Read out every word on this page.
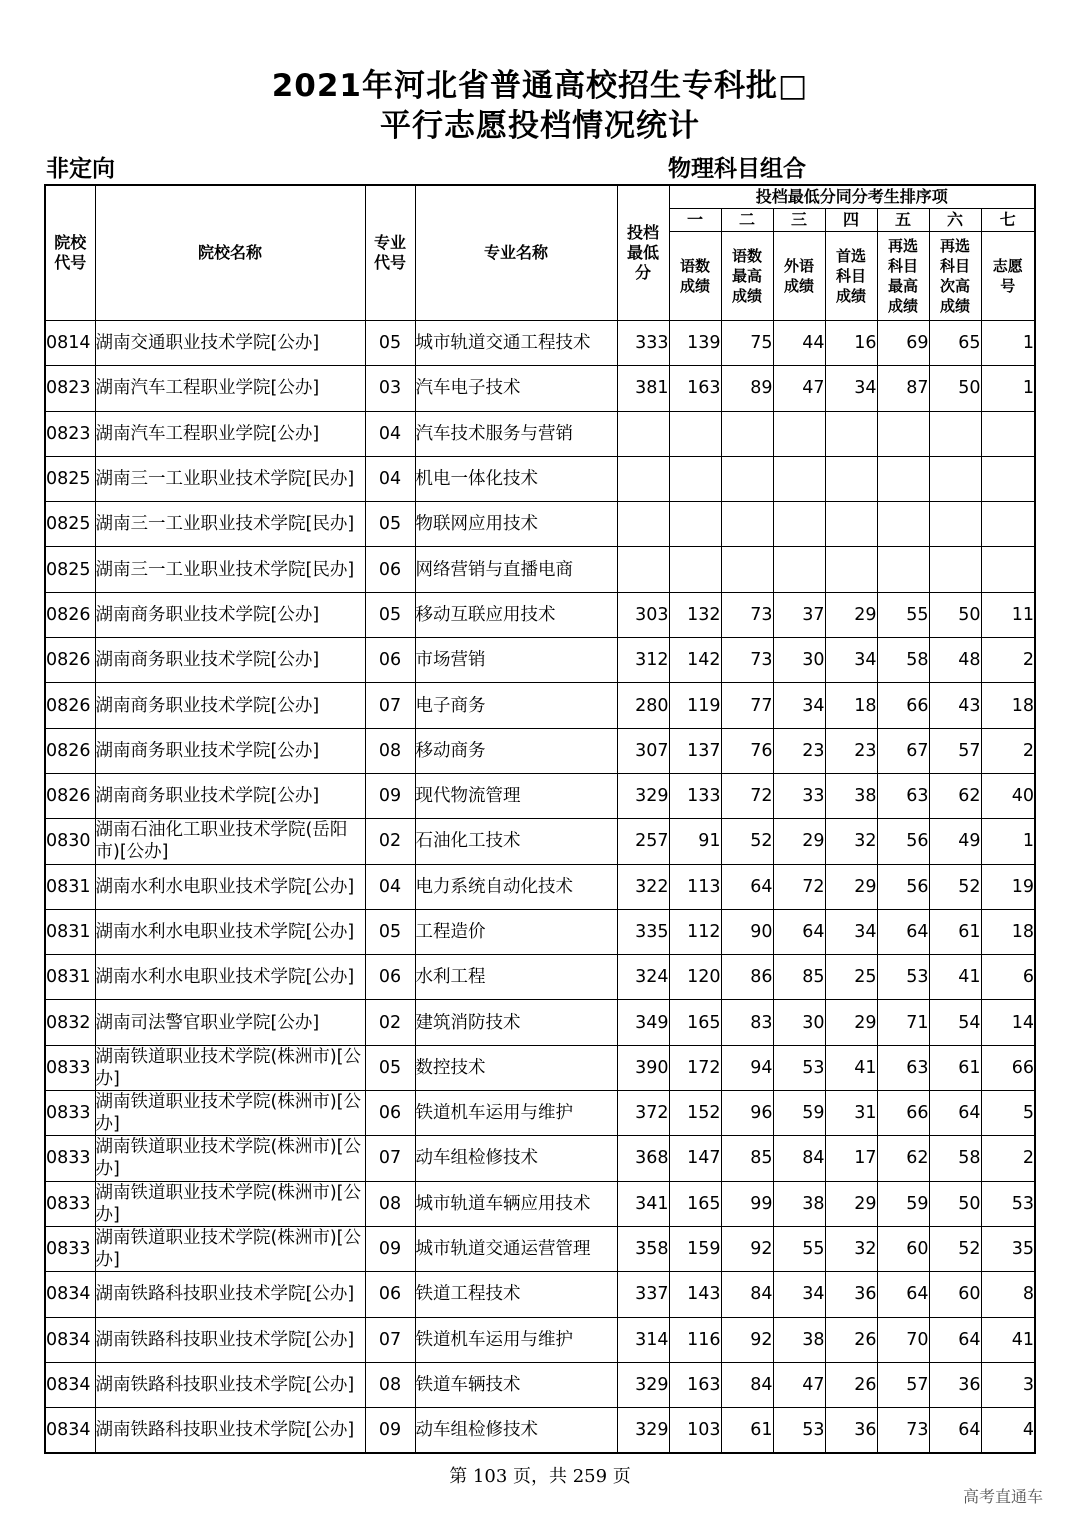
2021年河北省普通高校招生专科批□
平行志愿投档情况统计
非定向	物理科目组合
院校代号	院校名称	专业代号	专业名称	投档最低分	投档最低分同分考生排序项						
					一	二	三	四	五	六	七
					语数成绩	语数最高成绩	外语成绩	首选科目成绩	再选科目最高成绩	再选科目次高成绩	志愿号
0814	湖南交通职业技术学院[公办]	05	城市轨道交通工程技术	333	139	75	44	16	69	65	1
0823	湖南汽车工程职业学院[公办]	03	汽车电子技术	381	163	89	47	34	87	50	1
0823	湖南汽车工程职业学院[公办]	04	汽车技术服务与营销								
0825	湖南三一工业职业技术学院[民办]	04	机电一体化技术								
0825	湖南三一工业职业技术学院[民办]	05	物联网应用技术								
0825	湖南三一工业职业技术学院[民办]	06	网络营销与直播电商								
0826	湖南商务职业技术学院[公办]	05	移动互联应用技术	303	132	73	37	29	55	50	11
0826	湖南商务职业技术学院[公办]	06	市场营销	312	142	73	30	34	58	48	2
0826	湖南商务职业技术学院[公办]	07	电子商务	280	119	77	34	18	66	43	18
0826	湖南商务职业技术学院[公办]	08	移动商务	307	137	76	23	23	67	57	2
0826	湖南商务职业技术学院[公办]	09	现代物流管理	329	133	72	33	38	63	62	40
0830	湖南石油化工职业技术学院(岳阳市)[公办]	02	石油化工技术	257	91	52	29	32	56	49	1
0831	湖南水利水电职业技术学院[公办]	04	电力系统自动化技术	322	113	64	72	29	56	52	19
0831	湖南水利水电职业技术学院[公办]	05	工程造价	335	112	90	64	34	64	61	18
0831	湖南水利水电职业技术学院[公办]	06	水利工程	324	120	86	85	25	53	41	6
0832	湖南司法警官职业学院[公办]	02	建筑消防技术	349	165	83	30	29	71	54	14
0833	湖南铁道职业技术学院(株洲市)[公办]	05	数控技术	390	172	94	53	41	63	61	66
0833	湖南铁道职业技术学院(株洲市)[公办]	06	铁道机车运用与维护	372	152	96	59	31	66	64	5
0833	湖南铁道职业技术学院(株洲市)[公办]	07	动车组检修技术	368	147	85	84	17	62	58	2
0833	湖南铁道职业技术学院(株洲市)[公办]	08	城市轨道车辆应用技术	341	165	99	38	29	59	50	53
0833	湖南铁道职业技术学院(株洲市)[公办]	09	城市轨道交通运营管理	358	159	92	55	32	60	52	35
0834	湖南铁路科技职业技术学院[公办]	06	铁道工程技术	337	143	84	34	36	64	60	8
0834	湖南铁路科技职业技术学院[公办]	07	铁道机车运用与维护	314	116	92	38	26	70	64	41
0834	湖南铁路科技职业技术学院[公办]	08	铁道车辆技术	329	163	84	47	26	57	36	3
0834	湖南铁路科技职业技术学院[公办]	09	动车组检修技术	329	103	61	53	36	73	64	4
第 103 页，共 259 页
高考直通车
